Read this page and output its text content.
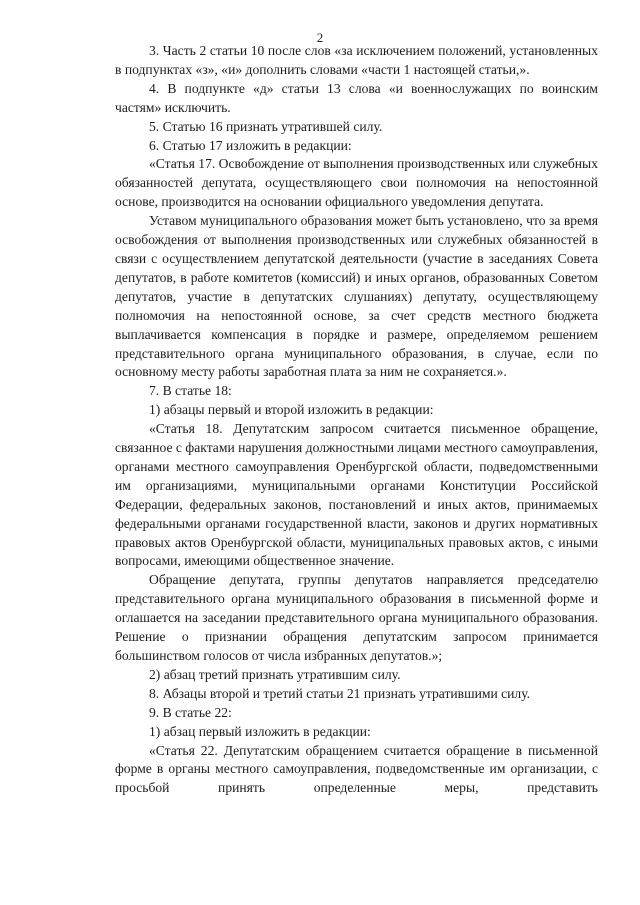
2

3. Часть 2 статьи 10 после слов «за исключением положений, установленных в подпунктах «з», «и» дополнить словами «части 1 настоящей статьи,».

4. В подпункте «д» статьи 13 слова «и военнослужащих по воинским частям» исключить.

5. Статью 16 признать утратившей силу.

6. Статью 17 изложить в редакции:

«Статья 17. Освобождение от выполнения производственных или служебных обязанностей депутата, осуществляющего свои полномочия на непостоянной основе, производится на основании официального уведомления депутата.

Уставом муниципального образования может быть установлено, что за время освобождения от выполнения производственных или служебных обязанностей в связи с осуществлением депутатской деятельности (участие в заседаниях Совета депутатов, в работе комитетов (комиссий) и иных органов, образованных Советом депутатов, участие в депутатских слушаниях) депутату, осуществляющему полномочия на непостоянной основе, за счет средств местного бюджета выплачивается компенсация в порядке и размере, определяемом решением представительного органа муниципального образования, в случае, если по основному месту работы заработная плата за ним не сохраняется.».

7. В статье 18:

1) абзацы первый и второй изложить в редакции:

«Статья 18. Депутатским запросом считается письменное обращение, связанное с фактами нарушения должностными лицами местного самоуправления, органами местного самоуправления Оренбургской области, подведомственными им организациями, муниципальными органами Конституции Российской Федерации, федеральных законов, постановлений и иных актов, принимаемых федеральными органами государственной власти, законов и других нормативных правовых актов Оренбургской области, муниципальных правовых актов, с иными вопросами, имеющими общественное значение.

Обращение депутата, группы депутатов направляется председателю представительного органа муниципального образования в письменной форме и оглашается на заседании представительного органа муниципального образования. Решение о признании обращения депутатским запросом принимается большинством голосов от числа избранных депутатов.»;

2) абзац третий признать утратившим силу.

8. Абзацы второй и третий статьи 21 признать утратившими силу.

9. В статье 22:

1) абзац первый изложить в редакции:

«Статья 22. Депутатским обращением считается обращение в письменной форме в органы местного самоуправления, подведомственные им организации, с просьбой принять определенные меры, представить
